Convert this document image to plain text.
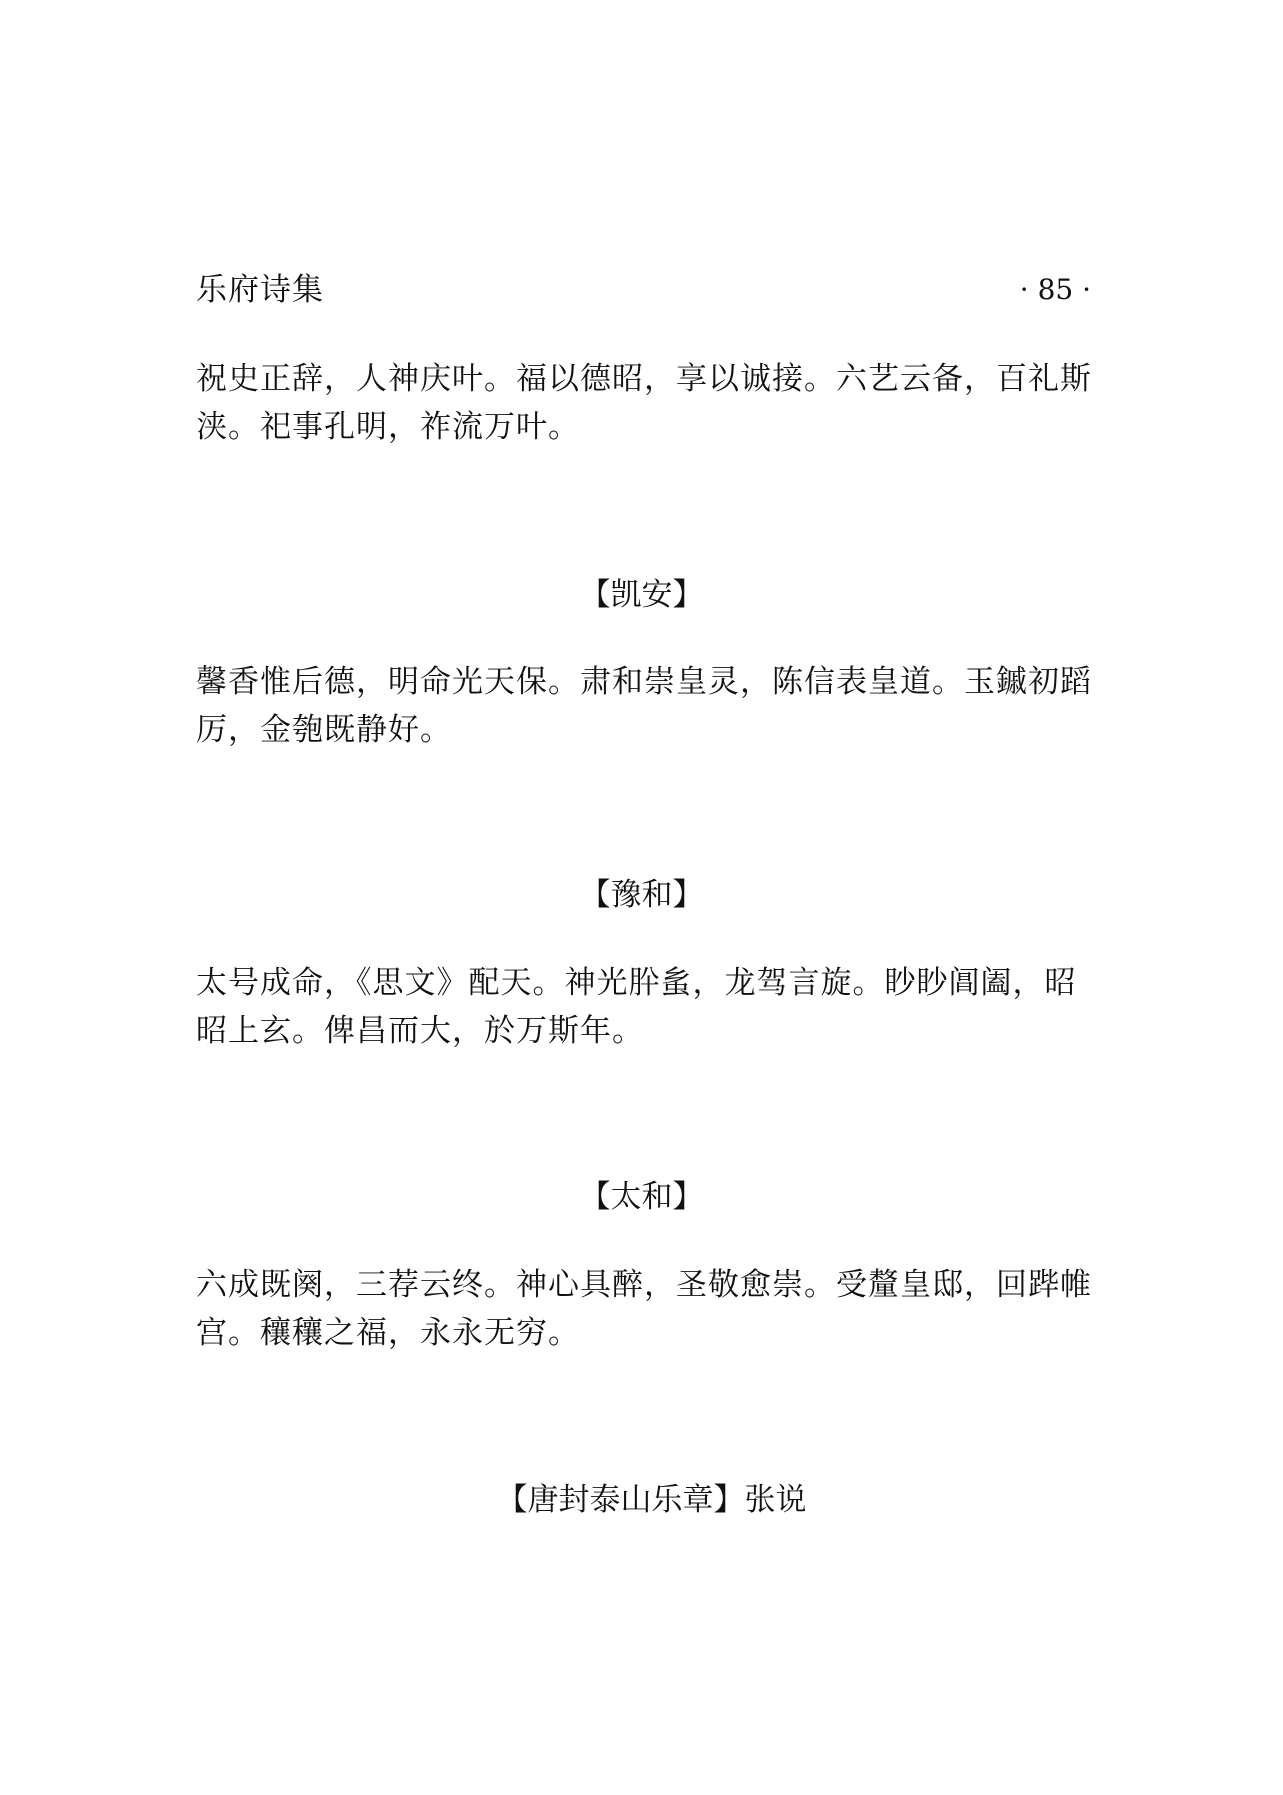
乐府诗集	· 85 ·
祝史正辞，人神庆叶。福以德昭，享以诚接。六艺云备，百礼斯浃。祀事孔明，祚流万叶。
【凯安】
馨香惟后德，明命光天保。肃和崇皇灵，陈信表皇道。玉鏚初蹈厉，金匏既静好。
【豫和】
太号成命，《思文》配天。神光肸蚃，龙驾言旋。眇眇阊阖，昭昭上玄。俾昌而大，於万斯年。
【太和】
六成既阕，三荐云终。神心具醉，圣敬愈崇。受釐皇邸，回跸帷宫。穰穰之福，永永无穷。
【唐封泰山乐章】张说
